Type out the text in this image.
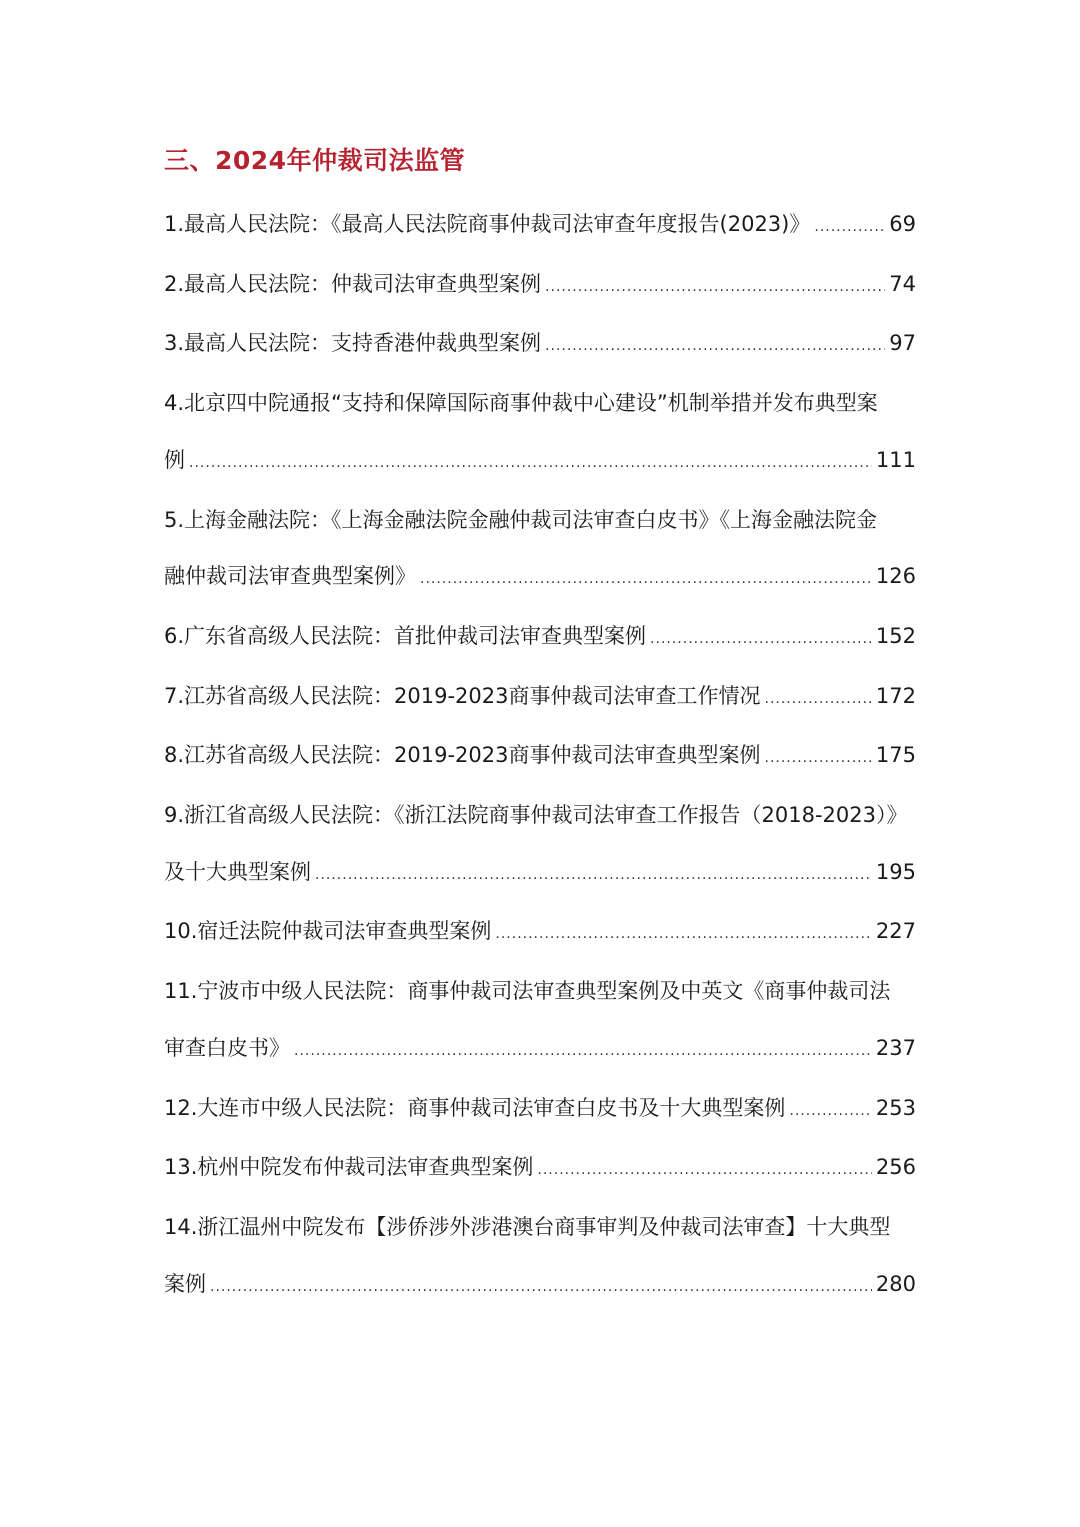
三、2024年仲裁司法监管
1.最高人民法院：《最高人民法院商事仲裁司法审查年度报告(2023)》 .....	69
2.最高人民法院：仲裁司法审查典型案例 .....	74
3.最高人民法院：支持香港仲裁典型案例 .....	97
4.北京四中院通报“支持和保障国际商事仲裁中心建设”机制举措并发布典型案
例 .....	111
5.上海金融法院：《上海金融法院金融仲裁司法审查白皮书》《上海金融法院金
融仲裁司法审查典型案例》 .....	126
6.广东省高级人民法院：首批仲裁司法审查典型案例 .....	152
7.江苏省高级人民法院：2019-2023商事仲裁司法审查工作情况 .....	172
8.江苏省高级人民法院：2019-2023商事仲裁司法审查典型案例 .....	175
9.浙江省高级人民法院：《浙江法院商事仲裁司法审查工作报告（2018-2023）》
及十大典型案例 .....	195
10.宿迁法院仲裁司法审查典型案例 .....	227
11.宁波市中级人民法院：商事仲裁司法审查典型案例及中英文《商事仲裁司法
审查白皮书》 .....	237
12.大连市中级人民法院：商事仲裁司法审查白皮书及十大典型案例 .....	253
13.杭州中院发布仲裁司法审查典型案例 .....	256
14.浙江温州中院发布【涉侨涉外涉港澳台商事审判及仲裁司法审查】十大典型
案例 .....	280
